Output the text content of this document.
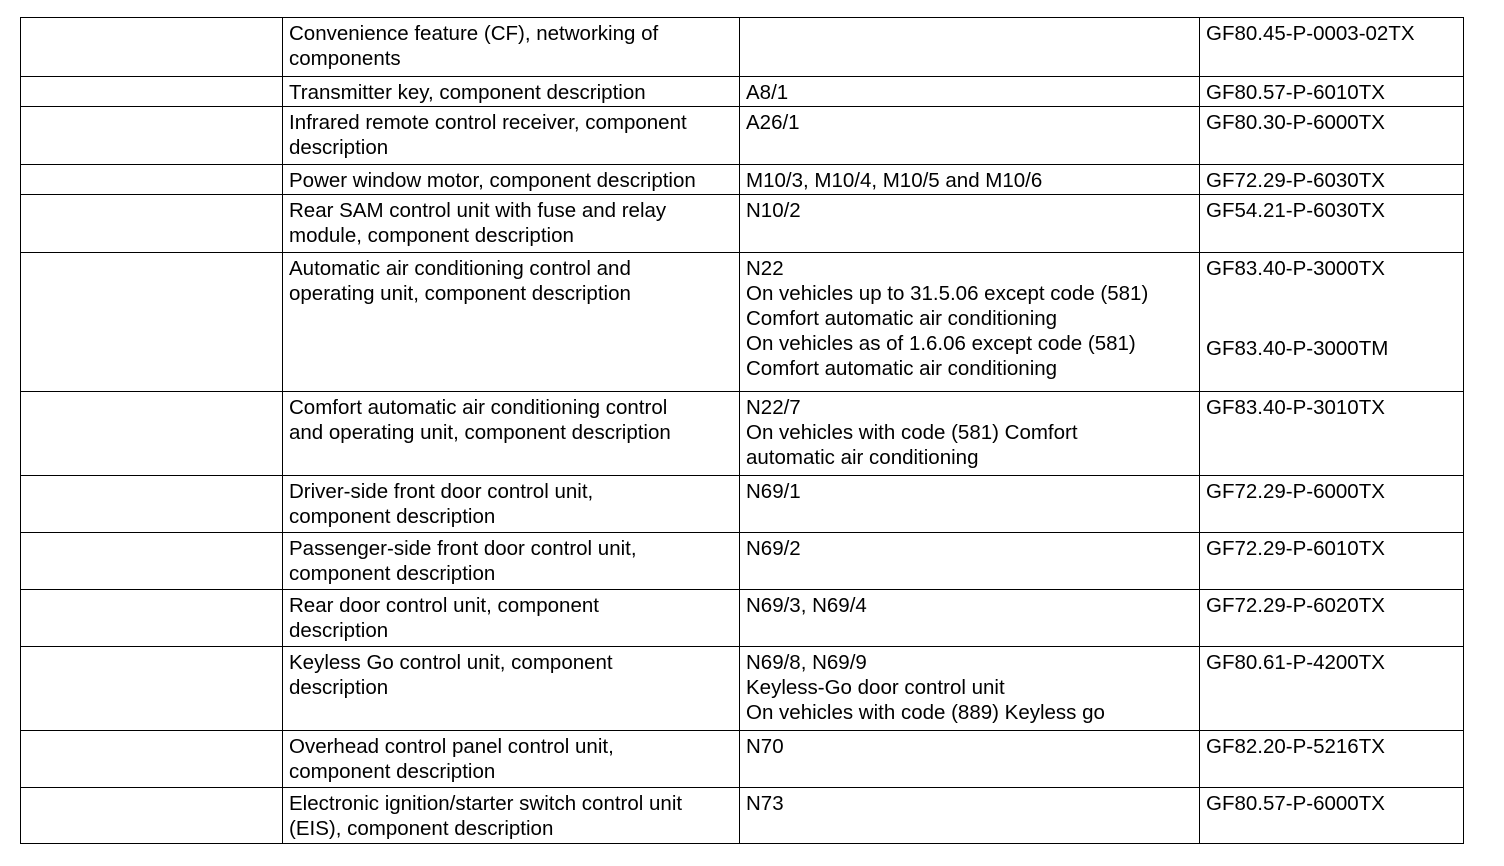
	Convenience feature (CF), networking of
components		GF80.45-P-0003-02TX
	Transmitter key, component description	A8/1	GF80.57-P-6010TX
	Infrared remote control receiver, component
description	A26/1	GF80.30-P-6000TX
	Power window motor, component description	M10/3, M10/4, M10/5 and M10/6	GF72.29-P-6030TX
	Rear SAM control unit with fuse and relay
module, component description	N10/2	GF54.21-P-6030TX
	Automatic air conditioning control and
operating unit, component description	N22
On vehicles up to 31.5.06 except code (581)
Comfort automatic air conditioning
On vehicles as of 1.6.06 except code (581)
Comfort automatic air conditioning	GF83.40-P-3000TX
GF83.40-P-3000TM

	Comfort automatic air conditioning control
and operating unit, component description	N22/7
On vehicles with code (581) Comfort
automatic air conditioning	GF83.40-P-3010TX
	Driver-side front door control unit,
component description	N69/1	GF72.29-P-6000TX
	Passenger-side front door control unit,
component description	N69/2	GF72.29-P-6010TX
	Rear door control unit, component
description	N69/3, N69/4	GF72.29-P-6020TX
	Keyless Go control unit, component
description	N69/8, N69/9
Keyless-Go door control unit
On vehicles with code (889) Keyless go	GF80.61-P-4200TX
	Overhead control panel control unit,
component description	N70	GF82.20-P-5216TX
	Electronic ignition/starter switch control unit
(EIS), component description	N73	GF80.57-P-6000TX
